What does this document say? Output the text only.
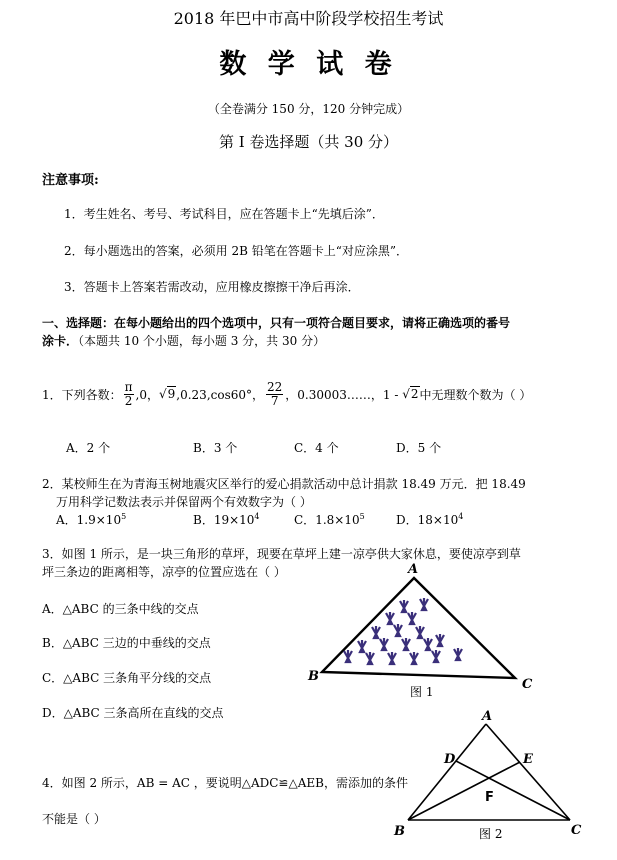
2018 年巴中市高中阶段学校招生考试
数 学 试 卷
（全卷满分 150 分，120 分钟完成）
第 I 卷选择题（共 30 分）
注意事项:
1．考生姓名、考号、考试科目，应在答题卡上“先填后涂”．
2．每小题选出的答案，必须用 2B 铅笔在答题卡上“对应涂黑”．
3．答题卡上答案若需改动，应用橡皮擦擦干净后再涂．
一、选择题：在每小题给出的四个选项中，只有一项符合题目要求，请将正确选项的番号
涂卡．（本题共 10 个小题，每小题 3 分，共 30 分）
1．下列各数： $\frac{\pi}{2} ,0$， √9 ,0.23,cos60°， $\frac{22}{7}$ ，0.30003……，1 - √2 中无理数个数为（ ）
A．2 个	B．3 个	C．4 个	D．5 个
2．某校师生在为青海玉树地震灾区举行的爱心捐款活动中总计捐款 18.49 万元．把 18.49
万用科学记数法表示并保留两个有效数字为（ ）
A．$1.9\times 10^5$	B．$19\times 10^4$	C．$1.8\times 10^5$	D．$18\times 10^4$
3．如图 1 所示，是一块三角形的草坪，现要在草坪上建一凉亭供大家休息，要使凉亭到草
坪三条边的距离相等，凉亭的位置应选在（ ）
A．△ABC 的三条中线的交点
B．△ABC 三边的中垂线的交点
C．△ABC 三条角平分线的交点
D．△ABC 三条高所在直线的交点
A
B
C
图 1
4．如图 2 所示，AB = AC ，要说明△ADC≌△AEB，需添加的条件
不能是（ ）
A
D	E
F
B	C
图 2
